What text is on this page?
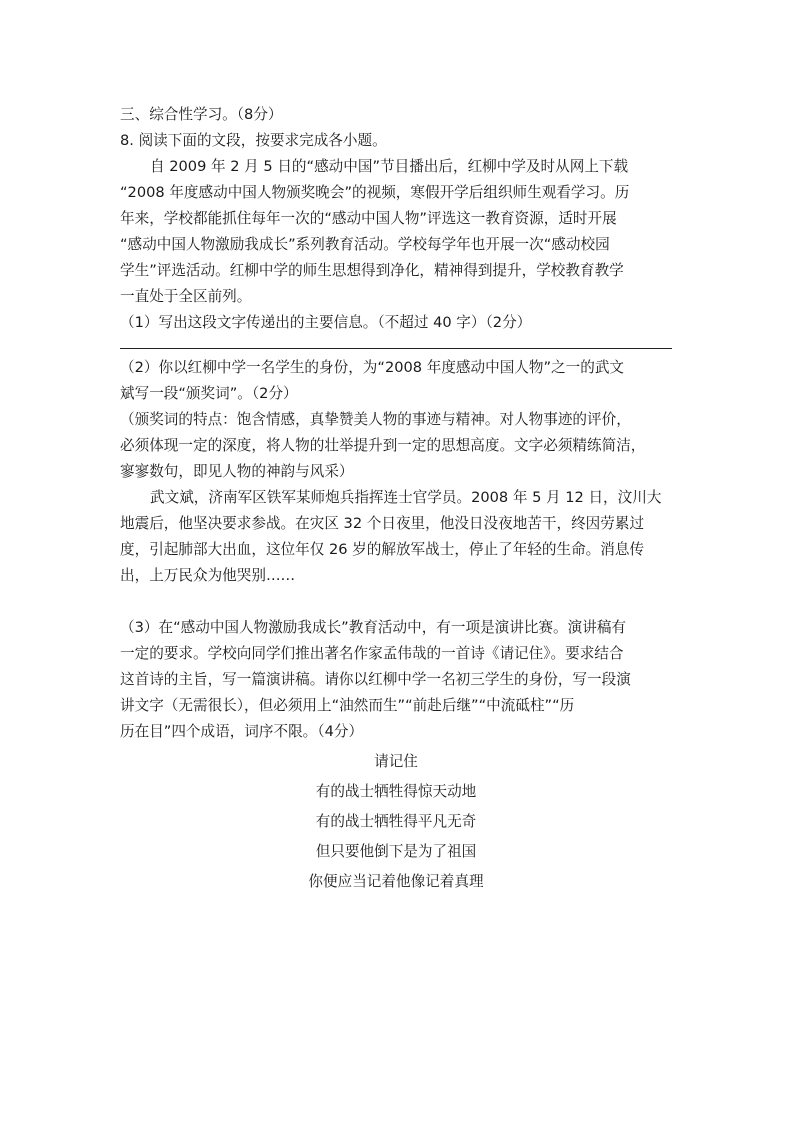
三、综合性学习。（8分）
8. 阅读下面的文段，按要求完成各小题。
自 2009 年 2 月 5 日的“感动中国”节目播出后，红柳中学及时从网上下载
“2008 年度感动中国人物颁奖晚会”的视频，寒假开学后组织师生观看学习。历
年来，学校都能抓住每年一次的“感动中国人物”评选这一教育资源，适时开展
“感动中国人物激励我成长”系列教育活动。学校每学年也开展一次“感动校园
学生”评选活动。红柳中学的师生思想得到净化，精神得到提升，学校教育教学
一直处于全区前列。
（1）写出这段文字传递出的主要信息。（不超过 40 字）（2分）
（2）你以红柳中学一名学生的身份，为“2008 年度感动中国人物”之一的武文
斌写一段“颁奖词”。（2分）
（颁奖词的特点：饱含情感，真挚赞美人物的事迹与精神。对人物事迹的评价，
必须体现一定的深度，将人物的壮举提升到一定的思想高度。文字必须精练简洁，
寥寥数句，即见人物的神韵与风采）
武文斌，济南军区铁军某师炮兵指挥连士官学员。2008 年 5 月 12 日，汶川大
地震后，他坚决要求参战。在灾区 32 个日夜里，他没日没夜地苦干，终因劳累过
度，引起肺部大出血，这位年仅 26 岁的解放军战士，停止了年轻的生命。消息传
出，上万民众为他哭别……
（3）在“感动中国人物激励我成长”教育活动中，有一项是演讲比赛。演讲稿有
一定的要求。学校向同学们推出著名作家孟伟哉的一首诗《请记住》。要求结合
这首诗的主旨，写一篇演讲稿。请你以红柳中学一名初三学生的身份，写一段演
讲文字（无需很长），但必须用上“油然而生”“前赴后继”“中流砥柱”“历
历在目”四个成语，词序不限。（4分）
请记住
有的战士牺牲得惊天动地
有的战士牺牲得平凡无奇
但只要他倒下是为了祖国
你便应当记着他像记着真理
